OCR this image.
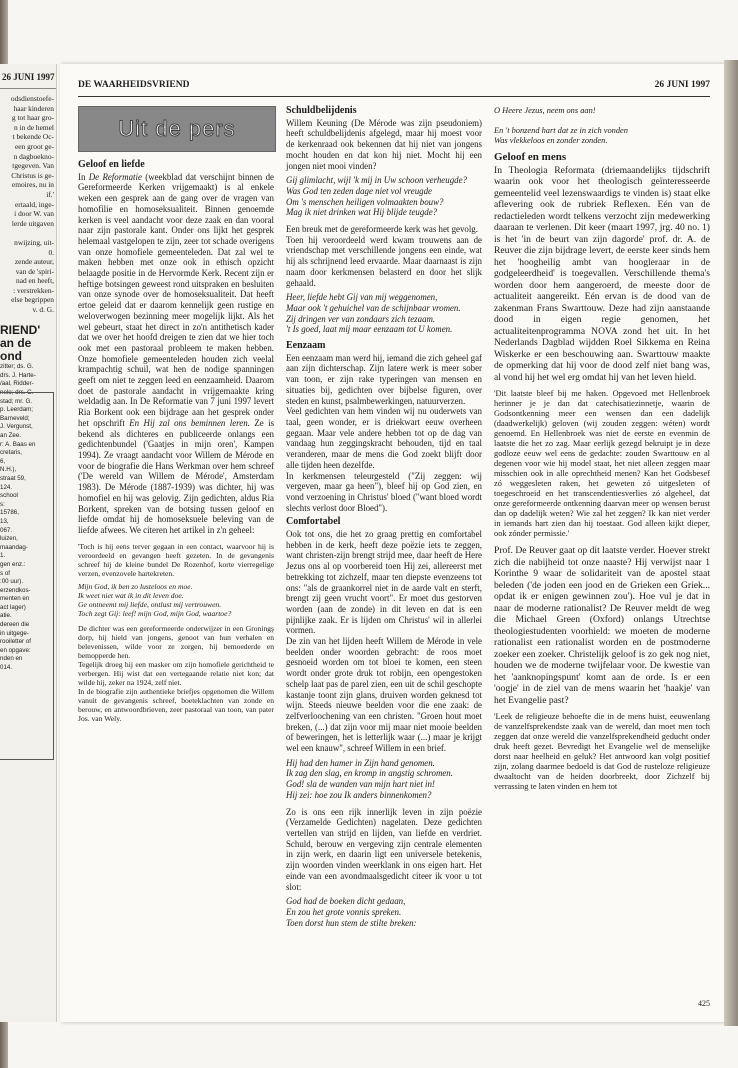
26 JUNI 1997

odsdienstoefe-

haar kinderen

g tot haar gro-

n in de hemel

t bekende Oc-

een groot ge-

n dagboekno-

tgegeven. Van

Christus is ge-

emoires, nu in

if.'

ertaald, inge-

i door W. van

lerde uitgaven

nwijzing, uit-

0.

zende auteur,

van de 'spiri-

nad en heeft,

: verstrekken-

else begrippen

v. d. G.

RIEND'

an de

ond

zitter; ds. G.

drs. J. Harte-

/aal, Ridder-

nelo; drs. C.

stad; mr. G.

p. Leerdam;

Barneveld;

J. Vergunst,

an Zee.

r: A. Baas en

cretaris,

6,

N.H.),

straat 59,

124.

school

s:

15786,

13,

067.

luizen,

maandag-

1.

gen enz.:

s of

:00 uur).

erzendkos-

menten en

act lager)

atie.

dereen die

in uitgege-

rooiletter of

en opgave:

nden en

014.

DE WAARHEIDSVRIEND	26 JUNI 1997
Uit de pers
Geloof en liefde

In De Reformatie (weekblad dat verschijnt binnen de Gereformeerde Kerken vrijgemaakt) is al enkele weken een gesprek aan de gang over de vragen van homofilie en homoseksualiteit. Binnen genoemde kerken is veel aandacht voor deze zaak en dan vooral naar zijn pastorale kant. Onder ons lijkt het gesprek helemaal vastgelopen te zijn, zeer tot schade overigens van onze homofiele gemeenteleden. Dat zal wel te maken hebben met onze ook in ethisch opzicht belaagde positie in de Hervormde Kerk. Recent zijn er heftige botsingen geweest rond uitspraken en besluiten van onze synode over de homoseksualiteit. Dat heeft ertoe geleid dat er daarom kennelijk geen rustige en weloverwogen bezinning meer mogelijk lijkt. Als het wel gebeurt, staat het direct in zo'n antithetisch kader dat we over het hoofd dreigen te zien dat we hier toch ook met een pastoraal probleem te maken hebben. Onze homofiele gemeenteleden houden zich veelal krampachtig schuil, wat hen de nodige spanningen geeft om niet te zeggen leed en eenzaamheid. Daarom doet de pastorale aandacht in vrijgemaakte kring weldadig aan. In De Reformatie van 7 juni 1997 levert Ria Borkent ook een bijdrage aan het gesprek onder het opschrift En Hij zal ons beminnen leren. Ze is bekend als dichteres en publiceerde onlangs een gedichtenbundel ('Gaatjes in mijn oren', Kampen 1994). Ze vraagt aandacht voor Willem de Mérode en voor de biografie die Hans Werkman over hem schreef ('De wereld van Willem de Mérode', Amsterdam 1983). De Mérode (1887-1939) was dichter, hij was homofiel en hij was gelovig. Zijn gedichten, aldus Ria Borkent, spreken van de botsing tussen geloof en liefde omdat hij de homoseksuele beleving van de liefde afwees. We citeren het artikel in z'n geheel:

'Toch is hij eens terver gegaan in een contact, waarvoor hij is veroordeeld en gevangen heeft gezeten. In de gevangenis schreef hij de kleine bundel De Rozenhof, korte vierregelige verzen, evenzovele hartekreten.

Mijn God, ik ben zo lusteloos en moe.
Ik weet niet wat ik in dit leven doe.
Ge ontneemt mij liefde, ontlust mij vertrouwen.
Toch zegt Gij: leef! mijn God, mijn God, waartoe?

De dichter was een gereformeerde onderwijzer in een Groningş dorp, hij hield van jongens, genoot van hun verhalen en belevenissen, wilde voor ze zorgen, hij bemoederde en bemopperde hen.

Tegelijk droeg hij een masker om zijn homofiele gerichtheid te verbergen. Hij wist dat een vertegaande relatie niet kon; dat wilde hij, zeker na 1924, zelf niet.

In de biografie zijn authentieke briefjes opgenomen die Willem vanuit de gevangenis schreef, boeteklachten van zonde en berouw, en antwoordbrieven, zeer pastoraal van toon, van pater Jos. van Wely.

Schuldbelijdenis

Willem Keuning (De Mérode was zijn pseudoniem) heeft schuldbelijdenis afgelegd, maar hij moest voor de kerkenraad ook bekennen dat hij niet van jongens mocht houden en dat kon hij niet. Mocht hij een jongen niet mooi vinden?

Gij glimlacht, wijl 'k mij in Uw schoon verheugde?
Was God ten zeden dage niet vol vreugde
Om 's menschen heiligen volmaakten bouw?
Mag ik niet drinken wat Hij blijde teugde?

Een breuk met de gereformeerde kerk was het gevolg.

Toen hij veroordeeld werd kwam trouwens aan de vriendschap met verschillende jongens een einde, wat hij als schrijnend leed ervaarde. Maar daarnaast is zijn naam door kerkmensen belasterd en door het slijk gehaald.

Heer, liefde hebt Gij van mij weggenomen,
Maar ook 't gehuichel van de schijnbaar vromen.
Zij dringen ver van zondaars zich tezaam.
't Is goed, laat mij maar eenzaam tot U komen.
Eenzaam

Een eenzaam man werd hij, iemand die zich geheel gaf aan zijn dichterschap. Zijn latere werk is meer sober van toon, er zijn rake typeringen van mensen en situaties bij, gedichten over bijbelse figuren, over steden en kunst, psalmbewerkingen, natuurverzen.

Veel gedichten van hem vinden wij nu ouderwets van taal, geen wonder, er is driekwart eeuw overheen gegaan. Maar vele andere hebben tot op de dag van vandaag hun zeggingskracht behouden, tijd en taal veranderen, maar de mens die God zoekt blijft door alle tijden heen dezelfde.

In kerkmensen teleurgesteld ("Zij zeggen: wij vergeven, maar ga heen"), bleef hij op God zien, en vond verzoening in Christus' bloed ("want bloed wordt slechts verlost door Bloed").

Comfortabel

Ook tot ons, die het zo graag prettig en comfortabel hebben in de kerk, heeft deze poëzie iets te zeggen, want christen-zijn brengt strijd mee, daar heeft de Here Jezus ons al op voorbereid toen Hij zei, allereerst met betrekking tot zichzelf, maar ten diepste evenzeens tot ons: "als de graankorrel niet in de aarde valt en sterft, brengt zij geen vrucht voort". Er moet dus gestorven worden (aan de zonde) in dit leven en dat is een pijnlijke zaak. Er is lijden om Christus' wil in allerlei vormen.

De zin van het lijden heeft Willem de Mérode in vele beelden onder woorden gebracht: de roos moet gesnoeid worden om tot bloei te komen, een steen wordt onder grote druk tot robijn, een opengestoken schelp laat pas de parel zien, een uit de schil geschopte kastanje toont zijn glans, druiven worden geknesd tot wijn. Steeds nieuwe beelden voor die ene zaak: de zelfverloochening van een christen. "Groen hout moet breken, (...) dat zijn voor mij maar niet mooie beelden of beweringen, het is letterlijk waar (...) maar je krijgt wel een knauw", schreef Willem in een brief.

Hij had den hamer in Zijn hand genomen.
Ik zag den slag, en kromp in angstig schromen.
God! sla de wanden van mijn hart niet in!
Hij zei: hoe zou Ik anders binnenkomen?

Zo is ons een rijk innerlijk leven in zijn poëzie (Verzamelde Gedichten) nagelaten. Deze gedichten vertellen van strijd en lijden, van liefde en verdriet. Schuld, berouw en vergeving zijn centrale elementen in zijn werk, en daarin ligt een universele betekenis, zijn woorden vinden weerklank in ons eigen hart. Het einde van een avondmaalsgedicht citeer ik voor u tot slot:

God had de boeken dicht gedaan,
En zou het grote vonnis spreken.
Toen dorst hun stem de stilte breken:
O Heere Jezus, neem ons aan!

En 't bonzend hart dat ze in zich vonden
Was vlekkeloos en zonder zonden.
Geloof en mens

In Theologia Reformata (driemaandelijks tijdschrift waarin ook voor het theologisch geïnteresseerde gemeentelid veel lezenswaardigs te vinden is) staat elke aflevering ook de rubriek Reflexen. Eén van de redactieleden wordt telkens verzocht zijn medewerking daaraan te verlenen. Dit keer (maart 1997, jrg. 40 no. 1) is het 'in de beurt van zijn dagorde' prof. dr. A. de Reuver die zijn bijdrage levert, de eerste keer sinds hem het 'hoogheilig ambt van hoogleraar in de godgeleerdheid' is toegevallen. Verschillende thema's worden door hem aangeroerd, de meeste door de actualiteit aangereikt. Eén ervan is de dood van de zakenman Frans Swarttouw. Deze had zijn aanstaande dood in eigen regie genomen, het actualiteitenprogramma NOVA zond het uit. In het Nederlands Dagblad wijdden Roel Sikkema en Reina Wiskerke er een beschouwing aan. Swarttouw maakte de opmerking dat hij voor de dood zelf niet bang was, al vond hij het wel erg omdat hij van het leven hield.

'Dit laatste bleef bij me haken. Opgevoed met Hellenbroek herinner je je dan dat catechisatiezinnetje, waarin de Godsontkenning meer een wensen dan een dadelijk (daadwerkelijk) geloven (wij zouden zeggen: wéten) wordt genoemd. En Hellenbroek was niet de eerste en evenmin de laatste die het zo zag. Maar eerlijk gezegd bekruipt je in deze godloze eeuw wel eens de gedachte: zouden Swarttouw en al degenen voor wie hij model staat, het niet alleen zeggen maar misschien ook in alle oprechtheid menen? Kan het Godsbesef zó weggesleten raken, het geweten zó uitgesleten of toegeschroeid en het transcendentiesverlies zó algeheel, dat onze gereformeerde ontkenning daarvan meer op wensen berust dan op dadelijk weten? Wie zal het zeggen? Ik kan niet verder in iemands hart zien dan hij toestaat. God alleen kijkt dieper, ook zónder permissie.'

Prof. De Reuver gaat op dit laatste verder. Hoever strekt zich die nabijheid tot onze naaste? Hij verwijst naar 1 Korinthe 9 waar de solidariteit van de apostel staat beleden ('de joden een jood en de Grieken een Griek... opdat ik er enigen gewinnen zou'). Hoe vul je dat in naar de moderne rationalist? De Reuver meldt de weg die Michael Green (Oxford) onlangs Utrechtse theologiestudenten voorhield: we moeten de moderne rationalist een rationalist worden en de postmoderne zoeker een zoeker. Christelijk geloof is zo gek nog niet, houden we de moderne twijfelaar voor. De kwestie van het 'aanknopingspunt' komt aan de orde. Is er een 'oogje' in de ziel van de mens waarin het 'haakje' van het Evangelie past?

'Leek de religieuze behoefte die in de mens huist, eeuwenlang de vanzelfsprekendste zaak van de wereld, dan moet men toch zeggen dat onze wereld die vanzelfsprekendheid geducht onder druk heeft gezet. Bevredigt het Evangelie wel de menselijke dorst naar heelheid en geluk? Het antwoord kan volgt positief zijn, zolang daarmee bedoeld is dat God de rusteloze religieuze dwaaltocht van de heiden doorbreekt, door Zichzelf bij verrassing te laten vinden en hem tot

425
